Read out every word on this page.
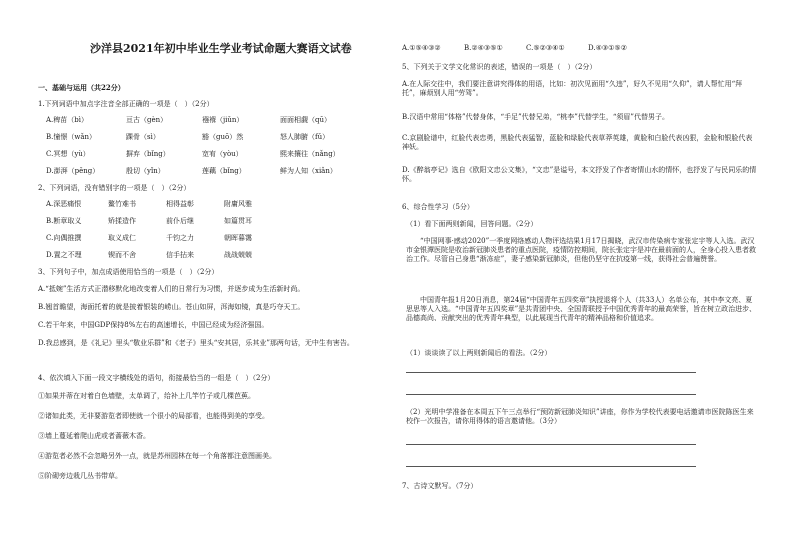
沙洋县2021年初中毕业生学业考试命题大赛语文试卷
一、基础与运用（共22分）
1.下列词语中加点字注音全部正确的一项是（　）（2分）
A.稗苗（bì）	亘古（gèn）	襁褓（jiǔn）	面面相觑（qū）
B.憧憬（wǎn）	踝骨（sì）	豁（guō）然	怒人肺腑（fǔ）
C.冥想（yù）	摒弃（bǐng）	宽宥（yòu）	熙来攘往（nǎng）
D.澎湃（pěng）	殷切（yǐn）	莲藕（bǐng）	鲜为人知（xiǎn）
2、下列词语，没有错别字的一项是（　）（2分）
A.深恶痛恨	鳌竹难书	相得益彰	附庸风雅
B.断章取义	矫揉造作	前仆后继	如篇贯耳
C.向偶推撰	取义成仁	千钧之力	朝晖暮霭
D.置之不理	锲而不舍	信手拈来	战战兢兢
3、下列句子中，加点成语使用恰当的一项是（　）（2分）
A.“抵婉”生活方式正潜移默化地改变着人们的日常行为习惯，并逐步成为生活新时尚。
B.翘首瞻望，海面托着的就是披着银装的崂山。苍山如屏，洱海如镜，真是巧夺天工。
C.若干年来，中国GDP保持8%左右的高速增长，中国已经成为经济强国。
D.我总感到，是《礼记》里头“敬业乐群”和《老子》里头“安其居，乐其业”那两句话，无中生有害告。
4、依次填入下面一段文字横线处的语句，衔接最恰当的一组是（　）（2分）
①如果并蒂在对着白色墙壁，太单调了，给补上几竿竹子或几棵芭蕉。
②诸如此类，无非要游览者即使就一个很小的局部看，也能得到美的享受。
③墙上蔓延着爬山虎或者蔷薇木香。
④游览者必然不会忽略另外一点，就是苏州园林在每一个角落都注意图画美。
⑤阶砌旁边栽几丛书带草。
A.①⑤④③②	B.②④③⑤①	C.⑤②③④①	D.④③①⑤②
5、下列关于文学文化常识的表述，错误的一项是（　）（2分）
A.在人际交往中，我们要注意讲究得体的用语，比如：初次见面用“久违”，好久不见用“久仰”，请人帮忙用“拜托”，麻烦别人用“劳驾”。
B.汉语中常用“体格”代替身体，“手足”代替兄弟，“桃李”代替学生，“须眉”代替男子。
C.京剧脸谱中，红脸代表忠勇，黑脸代表猛智，蓝脸和绿脸代表草莽英雄，黄脸和白脸代表凶狠，金脸和银脸代表神妖。
D.《醉翁亭记》选自《欧阳文忠公文集》，“文忠”是谥号，本文抒发了作者寄情山水的情怀，也抒发了与民同乐的情怀。
6、综合性学习（5分）
（1）看下面两则新闻，回答问题。（2分）
“中国网事·感动2020”一季度网络感动人物评选结果1月17日揭晓，武汉市传染病专家张定宇等人入选。武汉市金银潭医院是收治新冠肺炎患者的重点医院，疫情防控期间，院长张定宇是冲在最前面的人，全身心投入患者救治工作。尽管自己身患“渐冻症”，妻子感染新冠肺炎，但他仍坚守在抗疫第一线，获得社会普遍赞誉。
中国青年报1月20日消息，第24届“中国青年五四奖章”执授退将个人（共33人）名单公布，其中李文亮、夏思思等人入选。“中国青年五四奖章”是共青团中央、全国青联授予中国优秀青年的最高荣誉，旨在树立政治进步、品德高尚、贡献突出的优秀青年典型，以此展现当代青年的精神品格和价值追求。
（1）谈谈读了以上两则新闻后的看法。（2分）
（2）光明中学准备在本周五下午三点举行“预防新冠肺炎知识”讲座，你作为学校代表要电话邀请市医院陈医生来校作一次报告，请你用得体的语言邀请他。（3分）
7、古诗文默写。（7分）
